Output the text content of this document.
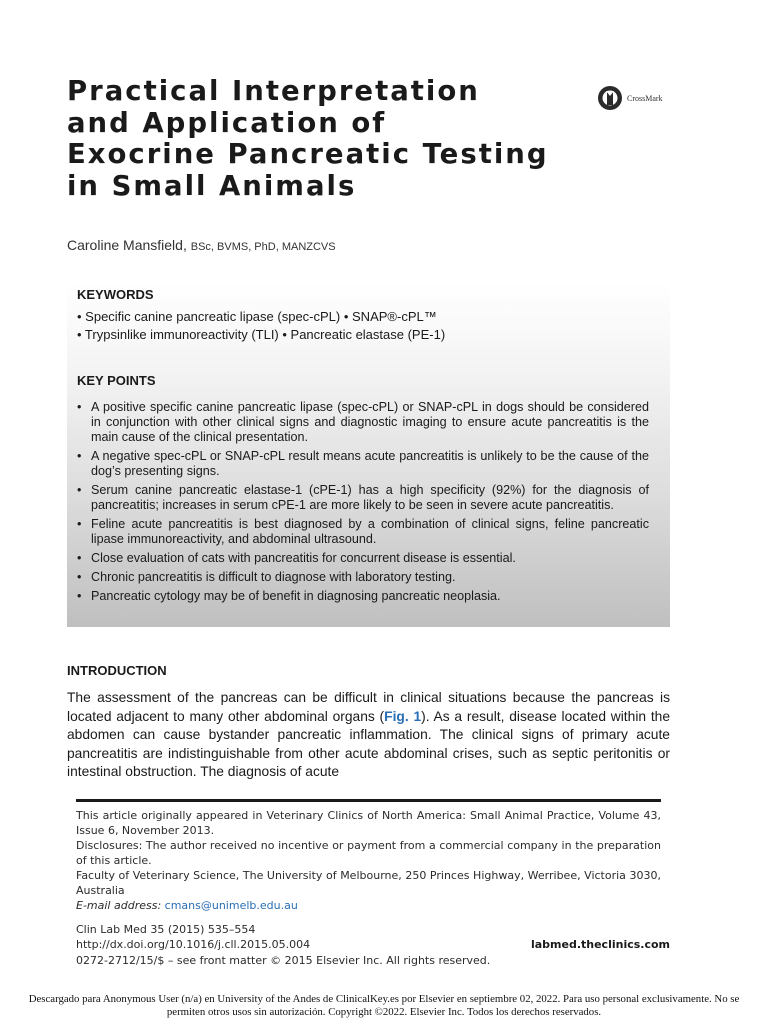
Practical Interpretation
and Application of
Exocrine Pancreatic Testing
in Small Animals
CrossMark
Caroline Mansfield, BSc, BVMS, PhD, MANZCVS
KEYWORDS
• Specific canine pancreatic lipase (spec-cPL) • SNAP®-cPL™
• Trypsinlike immunoreactivity (TLI) • Pancreatic elastase (PE-1)
KEY POINTS
• A positive specific canine pancreatic lipase (spec-cPL) or SNAP-cPL in dogs should be considered in conjunction with other clinical signs and diagnostic imaging to ensure acute pancreatitis is the main cause of the clinical presentation.
• A negative spec-cPL or SNAP-cPL result means acute pancreatitis is unlikely to be the cause of the dog’s presenting signs.
• Serum canine pancreatic elastase-1 (cPE-1) has a high specificity (92%) for the diagnosis of pancreatitis; increases in serum cPE-1 are more likely to be seen in severe acute pancreatitis.
• Feline acute pancreatitis is best diagnosed by a combination of clinical signs, feline pancreatic lipase immunoreactivity, and abdominal ultrasound.
• Close evaluation of cats with pancreatitis for concurrent disease is essential.
• Chronic pancreatitis is difficult to diagnose with laboratory testing.
• Pancreatic cytology may be of benefit in diagnosing pancreatic neoplasia.
INTRODUCTION

The assessment of the pancreas can be difficult in clinical situations because the pancreas is located adjacent to many other abdominal organs (Fig. 1). As a result, disease located within the abdomen can cause bystander pancreatic inflammation. The clinical signs of primary acute pancreatitis are indistinguishable from other acute abdominal crises, such as septic peritonitis or intestinal obstruction. The diagnosis of acute

This article originally appeared in Veterinary Clinics of North America: Small Animal Practice, Volume 43, Issue 6, November 2013.

Disclosures: The author received no incentive or payment from a commercial company in the preparation of this article.

Faculty of Veterinary Science, The University of Melbourne, 250 Princes Highway, Werribee, Victoria 3030, Australia

E-mail address: cmans@unimelb.edu.au

Clin Lab Med 35 (2015) 535–554
http://dx.doi.org/10.1016/j.cll.2015.05.004	labmed.theclinics.com
0272-2712/15/$ – see front matter © 2015 Elsevier Inc. All rights reserved.

Descargado para Anonymous User (n/a) en University of the Andes de ClinicalKey.es por Elsevier en septiembre 02, 2022. Para uso personal exclusivamente. No se permiten otros usos sin autorización. Copyright ©2022. Elsevier Inc. Todos los derechos reservados.
